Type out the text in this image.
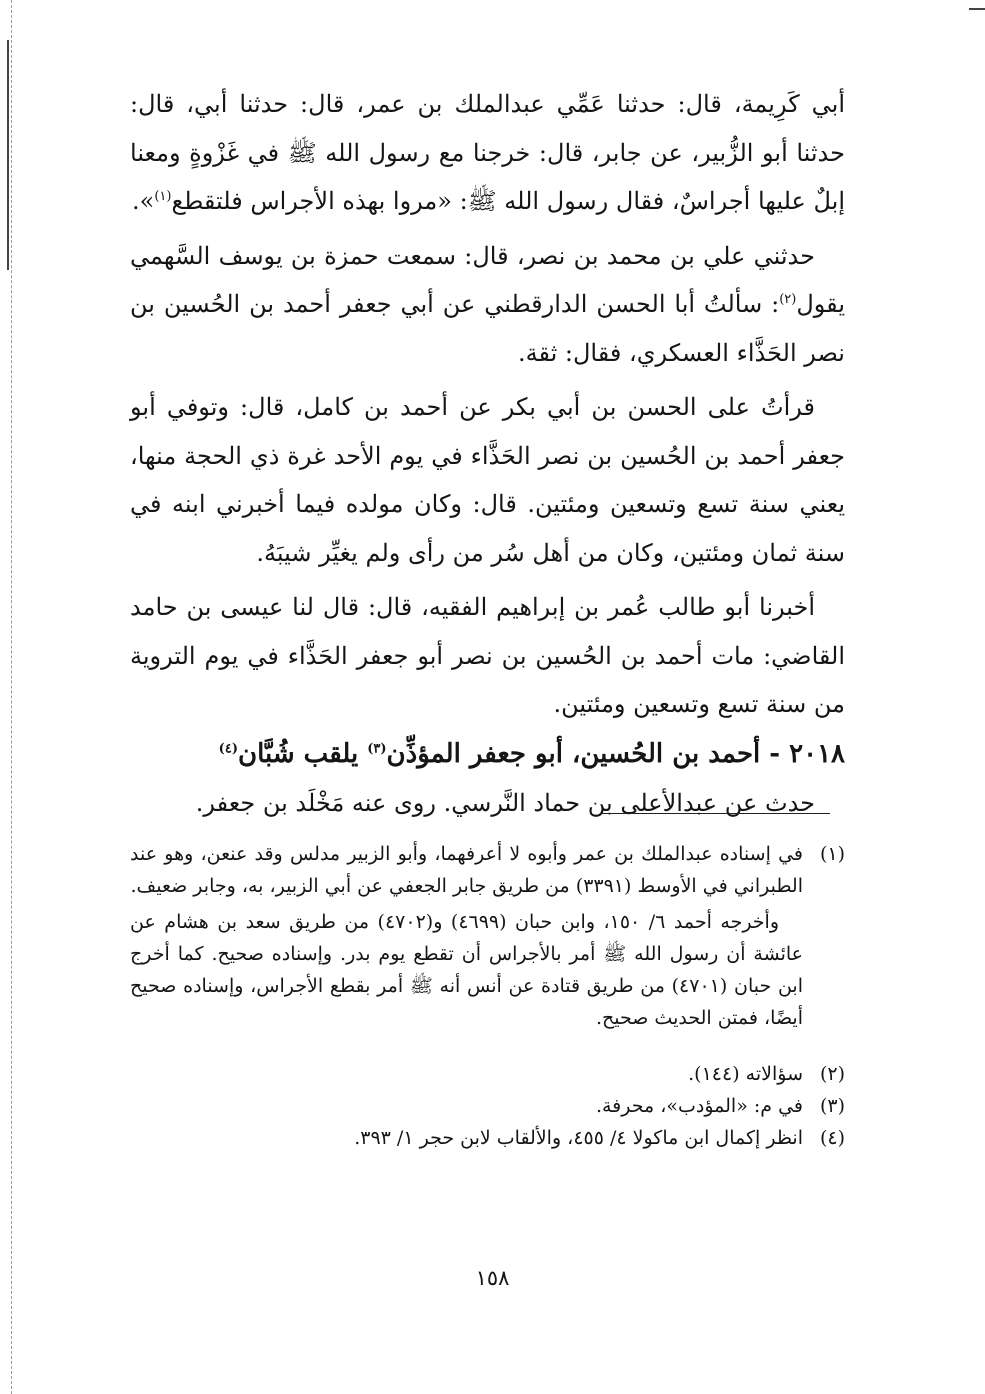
أبي كَرِيمة، قال: حدثنا عَمِّي عبدالملك بن عمر، قال: حدثنا أبي، قال: حدثنا أبو الزُّبير، عن جابر، قال: خرجنا مع رسول الله ﷺ في غَزْوةٍ ومعنا إبلٌ عليها أجراسٌ، فقال رسول الله ﷺ: «مروا بهذه الأجراس فلتقطع$^{(١)}$».

حدثني علي بن محمد بن نصر، قال: سمعت حمزة بن يوسف السَّهمي يقول$^{(٢)}$: سألتُ أبا الحسن الدارقطني عن أبي جعفر أحمد بن الحُسين بن نصر الحَذَّاء العسكري، فقال: ثقة.

قرأتُ على الحسن بن أبي بكر عن أحمد بن كامل، قال: وتوفي أبو جعفر أحمد بن الحُسين بن نصر الحَذَّاء في يوم الأحد غرة ذي الحجة منها، يعني سنة تسع وتسعين ومئتين. قال: وكان مولده فيما أخبرني ابنه في سنة ثمان ومئتين، وكان من أهل سُر من رأى ولم يغيِّر شيبَهُ.

أخبرنا أبو طالب عُمر بن إبراهيم الفقيه، قال: قال لنا عيسى بن حامد القاضي: مات أحمد بن الحُسين بن نصر أبو جعفر الحَذَّاء في يوم التروية من سنة تسع وتسعين ومئتين.

٢٠١٨ - أحمد بن الحُسين، أبو جعفر المؤذِّن$^{(٣)}$ يلقب شُبَّان$^{(٤)}$

حدث عن عبدالأعلى بن حماد النَّرسي. روى عنه مَخْلَد بن جعفر.

(١)
في إسناده عبدالملك بن عمر وأبوه لا أعرفهما، وأبو الزبير مدلس وقد عنعن، وهو عند الطبراني في الأوسط (٣٣٩١) من طريق جابر الجعفي عن أبي الزبير، به، وجابر ضعيف.

وأخرجه أحمد ٦/ ١٥٠، وابن حبان (٤٦٩٩) و(٤٧٠٢) من طريق سعد بن هشام عن عائشة أن رسول الله ﷺ أمر بالأجراس أن تقطع يوم بدر. وإسناده صحيح. كما أخرج ابن حبان (٤٧٠١) من طريق قتادة عن أنس أنه ﷺ أمر بقطع الأجراس، وإسناده صحيح أيضًا، فمتن الحديث صحيح.

(٢)
سؤالاته (١٤٤).
(٣)
في م: «المؤدب»، محرفة.
(٤)
انظر إكمال ابن ماكولا ٤/ ٤٥٥، والألقاب لابن حجر ١/ ٣٩٣.
١٥٨
